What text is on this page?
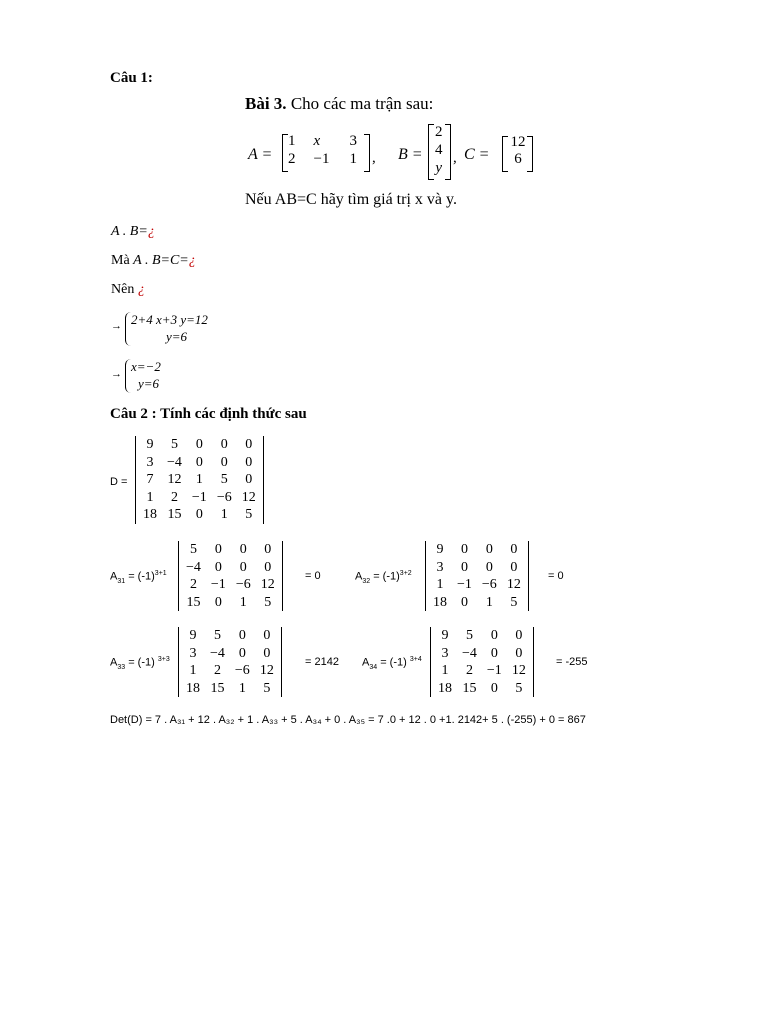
Câu 1:
Bài 3. Cho các ma trận sau:
A =
1	x	3
2	−1	1 , B =
2
4
y
, C =
12
6
Nếu AB=C hãy tìm giá trị x và y.
A . B=¿
Mà A . B=C=¿
Nên ¿
→ 2+4 x+3 y=12
y=6
→ x=−2
y=6
Câu 2 : Tính các định thức sau
D =
9	5	0	0	0
3	−4	0	0	0
7	12	1	5	0
1	2	−1	−6	12
18	15	0	1	5
$A_{31} = (-1)^{3+1}$
5	0	0	0
−4	0	0	0
2	−1	−6	12
15	0	1	5
= 0	$A_{32} = (-1)^{3+2}$
9	0	0	0
3	0	0	0
1	−1	−6	12
18	0	1	5
= 0
$A_{33} = (-1)$ $^{3+3}$
9	5	0	0
3	−4	0	0
1	2	−6	12
18	15	1	5
= 2142 $A_{34} = (-1)$ $^{3+4}$
9	5	0	0
3	−4	0	0
1	2	−1	12
18	15	0	5
= -255
Det(D) = 7 . A₃₁ + 12 . A₃₂ + 1 . A₃₃ + 5 . A₃₄ + 0 . A₃₅ = 7 .0 + 12 . 0 +1. 2142+ 5 . (-255) + 0 = 867
